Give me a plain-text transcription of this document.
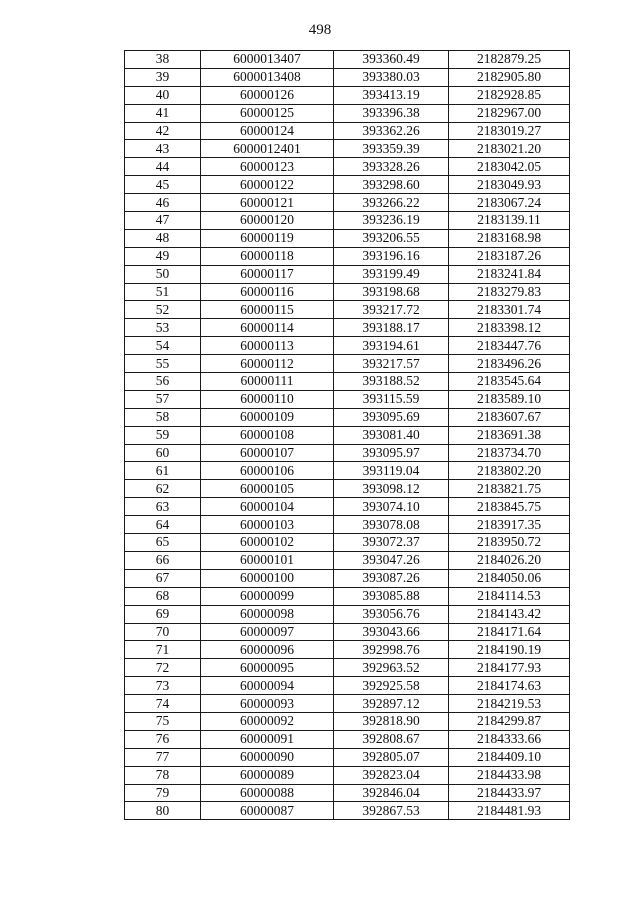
498
38	6000013407	393360.49	2182879.25
39	6000013408	393380.03	2182905.80
40	60000126	393413.19	2182928.85
41	60000125	393396.38	2182967.00
42	60000124	393362.26	2183019.27
43	6000012401	393359.39	2183021.20
44	60000123	393328.26	2183042.05
45	60000122	393298.60	2183049.93
46	60000121	393266.22	2183067.24
47	60000120	393236.19	2183139.11
48	60000119	393206.55	2183168.98
49	60000118	393196.16	2183187.26
50	60000117	393199.49	2183241.84
51	60000116	393198.68	2183279.83
52	60000115	393217.72	2183301.74
53	60000114	393188.17	2183398.12
54	60000113	393194.61	2183447.76
55	60000112	393217.57	2183496.26
56	60000111	393188.52	2183545.64
57	60000110	393115.59	2183589.10
58	60000109	393095.69	2183607.67
59	60000108	393081.40	2183691.38
60	60000107	393095.97	2183734.70
61	60000106	393119.04	2183802.20
62	60000105	393098.12	2183821.75
63	60000104	393074.10	2183845.75
64	60000103	393078.08	2183917.35
65	60000102	393072.37	2183950.72
66	60000101	393047.26	2184026.20
67	60000100	393087.26	2184050.06
68	60000099	393085.88	2184114.53
69	60000098	393056.76	2184143.42
70	60000097	393043.66	2184171.64
71	60000096	392998.76	2184190.19
72	60000095	392963.52	2184177.93
73	60000094	392925.58	2184174.63
74	60000093	392897.12	2184219.53
75	60000092	392818.90	2184299.87
76	60000091	392808.67	2184333.66
77	60000090	392805.07	2184409.10
78	60000089	392823.04	2184433.98
79	60000088	392846.04	2184433.97
80	60000087	392867.53	2184481.93
